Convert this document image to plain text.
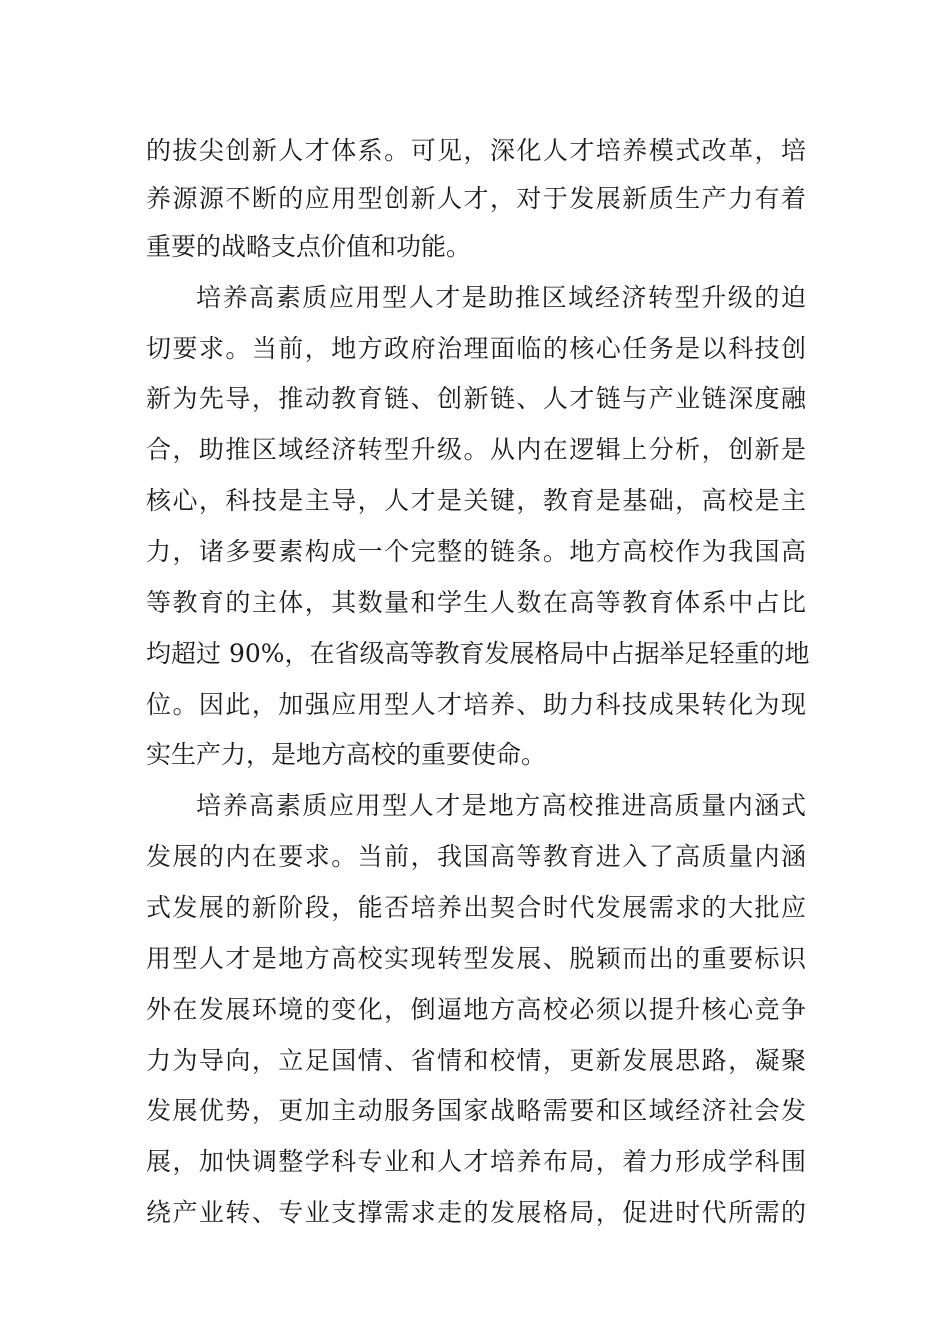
的拔尖创新人才体系。可见，深化人才培养模式改革，培
养源源不断的应用型创新人才，对于发展新质生产力有着
重要的战略支点价值和功能。
培养高素质应用型人才是助推区域经济转型升级的迫
切要求。当前，地方政府治理面临的核心任务是以科技创
新为先导，推动教育链、创新链、人才链与产业链深度融
合，助推区域经济转型升级。从内在逻辑上分析，创新是
核心，科技是主导，人才是关键，教育是基础，高校是主
力，诸多要素构成一个完整的链条。地方高校作为我国高
等教育的主体，其数量和学生人数在高等教育体系中占比
均超过 90%，在省级高等教育发展格局中占据举足轻重的地
位。因此，加强应用型人才培养、助力科技成果转化为现
实生产力，是地方高校的重要使命。
培养高素质应用型人才是地方高校推进高质量内涵式
发展的内在要求。当前，我国高等教育进入了高质量内涵
式发展的新阶段，能否培养出契合时代发展需求的大批应
用型人才是地方高校实现转型发展、脱颖而出的重要标识
外在发展环境的变化，倒逼地方高校必须以提升核心竞争
力为导向，立足国情、省情和校情，更新发展思路，凝聚
发展优势，更加主动服务国家战略需要和区域经济社会发
展，加快调整学科专业和人才培养布局，着力形成学科围
绕产业转、专业支撑需求走的发展格局，促进时代所需的
